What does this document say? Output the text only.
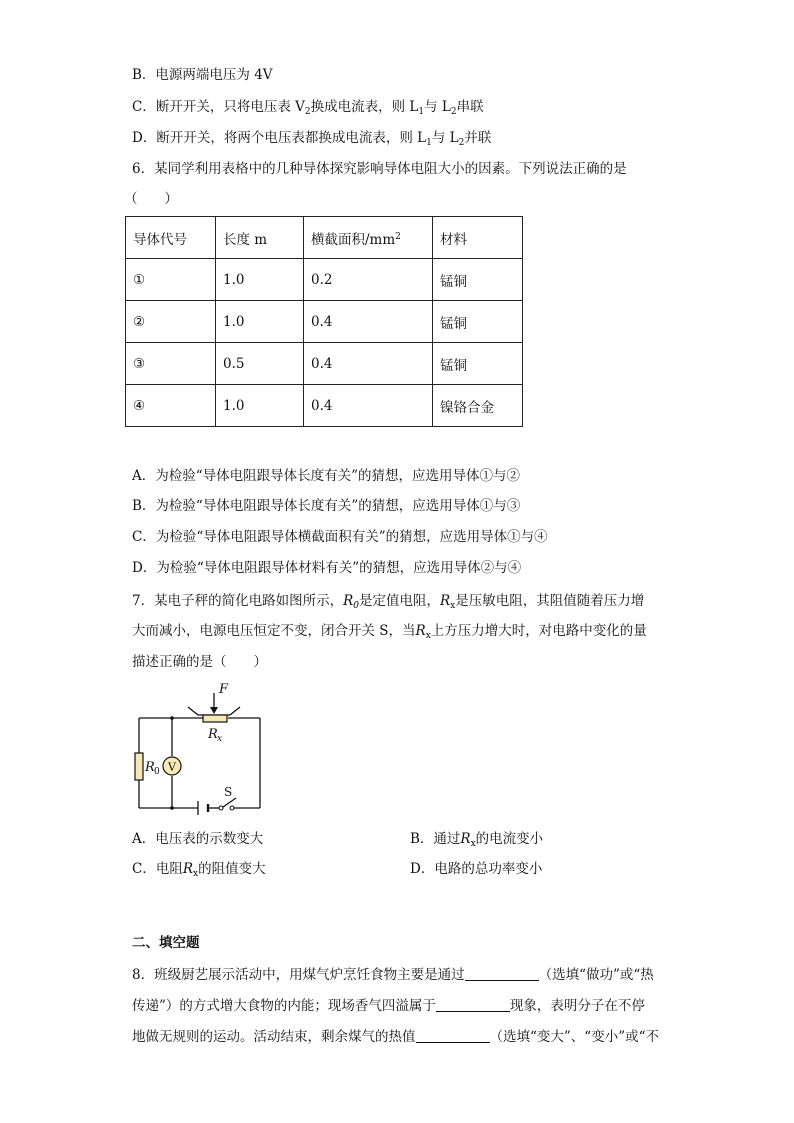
B．电源两端电压为 4V
C．断开开关，只将电压表 $V_2$换成电流表，则 $L_1$与 $L_2$串联
D．断开开关，将两个电压表都换成电流表，则 $L_1$与 $L_2$并联
6．某同学利用表格中的几种导体探究影响导体电阻大小的因素。下列说法正确的是
（　　）
导体代号	长度 m	横截面积$/mm^2$	材料
①	1.0	0.2	锰铜
②	1.0	0.4	锰铜
③	0.5	0.4	锰铜
④	1.0	0.4	镍铬合金
A．为检验“导体电阻跟导体长度有关”的猜想，应选用导体①与②
B．为检验“导体电阻跟导体长度有关”的猜想，应选用导体①与③
C．为检验“导体电阻跟导体横截面积有关”的猜想，应选用导体①与④
D．为检验“导体电阻跟导体材料有关”的猜想，应选用导体②与④
7．某电子秤的简化电路如图所示，$R_0$是定值电阻，$R_x$是压敏电阻，其阻值随着压力增
大而减小，电源电压恒定不变，闭合开关 S，当$R_x$上方压力增大时，对电路中变化的量
描述正确的是（　　）
F
R x
R 0 V
S
A．电压表的示数变大	B．通过$R_x$的电流变小
C．电阻$R_x$的阻值变大	D．电路的总功率变小
二、填空题
8．班级厨艺展示活动中，用煤气炉烹饪食物主要是通过	（选填“做功”或“热
传递”）的方式增大食物的内能；现场香气四溢属于	现象，表明分子在不停
地做无规则的运动。活动结束，剩余煤气的热值	（选填“变大”、“变小”或“不
